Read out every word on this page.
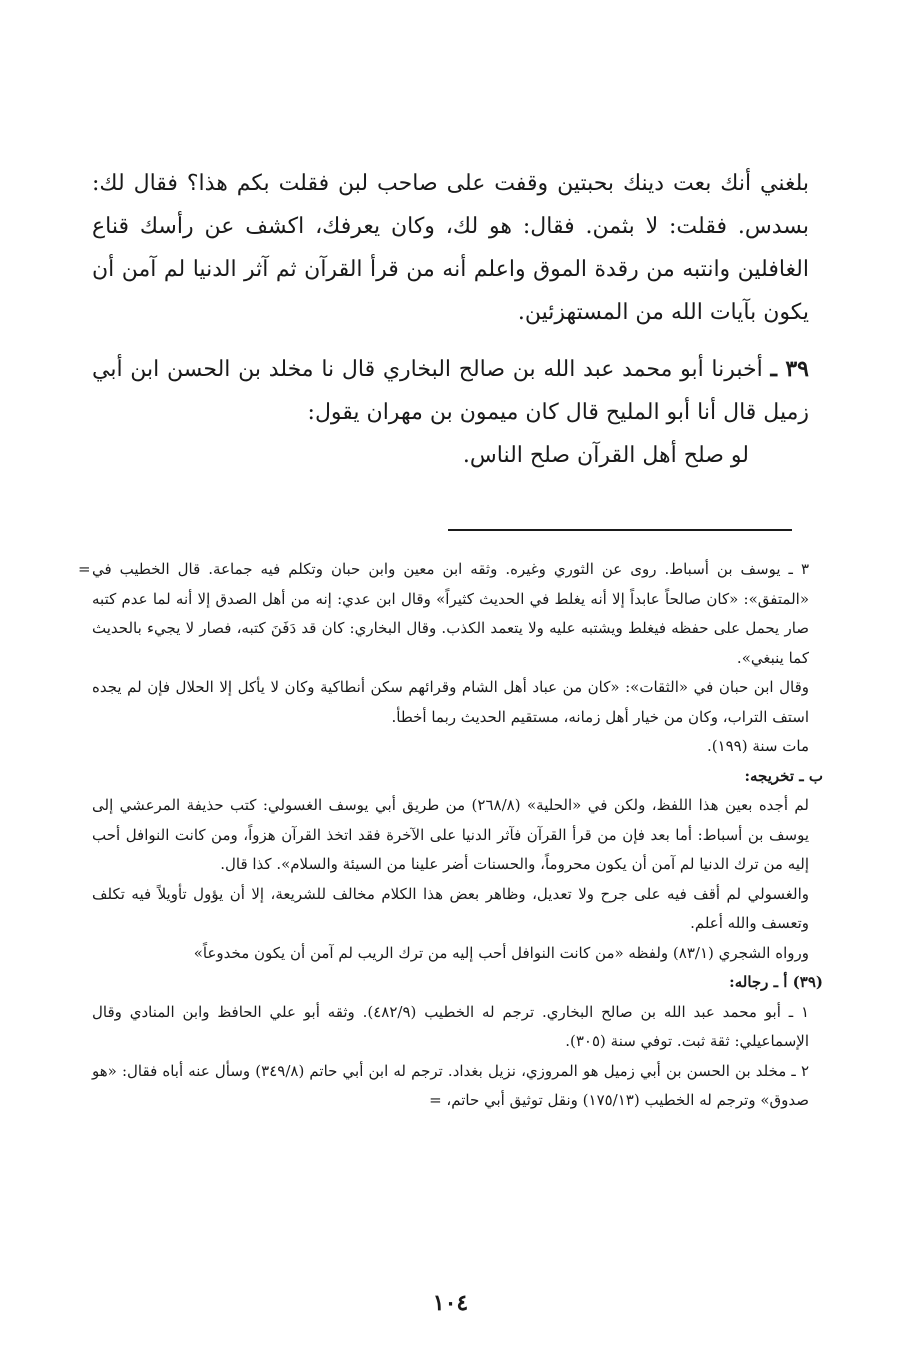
بلغني أنك بعت دينك بحبتين وقفت على صاحب لبن فقلت بكم هذا؟ فقال لك: بسدس. فقلت: لا بثمن. فقال: هو لك، وكان يعرفك، اكشف عن رأسك قناع الغافلين وانتبه من رقدة الموق واعلم أنه من قرأ القرآن ثم آثر الدنيا لم آمن أن يكون بآيات الله من المستهزئين.

٣٩ ـ أخبرنا أبو محمد عبد الله بن صالح البخاري قال نا مخلد بن الحسن ابن أبي زميل قال أنا أبو المليح قال كان ميمون بن مهران يقول:

لو صلح أهل القرآن صلح الناس.

= ٣ ـ يوسف بن أسباط. روى عن الثوري وغيره. وثقه ابن معين وابن حبان وتكلم فيه جماعة. قال الخطيب في «المتفق»: «كان صالحاً عابداً إلا أنه يغلط في الحديث كثيراً» وقال ابن عدي: إنه من أهل الصدق إلا أنه لما عدم كتبه صار يحمل على حفظه فيغلط ويشتبه عليه ولا يتعمد الكذب. وقال البخاري: كان قد دَفَنَ كتبه، فصار لا يجيء بالحديث كما ينبغي».

وقال ابن حبان في «الثقات»: «كان من عباد أهل الشام وقرائهم سكن أنطاكية وكان لا يأكل إلا الحلال فإن لم يجده استف التراب، وكان من خيار أهل زمانه، مستقيم الحديث ربما أخطأ.

مات سنة (١٩٩).

ب ـ تخريجه:

لم أجده بعين هذا اللفظ، ولكن في «الحلية» (٢٦٨/٨) من طريق أبي يوسف الغسولي: كتب حذيفة المرعشي إلى يوسف بن أسباط: أما بعد فإن من قرأ القرآن فآثر الدنيا على الآخرة فقد اتخذ القرآن هزواً، ومن كانت النوافل أحب إليه من ترك الدنيا لم آمن أن يكون محروماً، والحسنات أضر علينا من السيئة والسلام». كذا قال.

والغسولي لم أقف فيه على جرح ولا تعديل، وظاهر بعض هذا الكلام مخالف للشريعة، إلا أن يؤول تأويلاً فيه تكلف وتعسف والله أعلم.

ورواه الشجري (٨٣/١) ولفظه «من كانت النوافل أحب إليه من ترك الريب لم آمن أن يكون مخدوعاً»

(٣٩) أ ـ رجاله:

١ ـ أبو محمد عبد الله بن صالح البخاري. ترجم له الخطيب (٤٨٢/٩). وثقه أبو علي الحافظ وابن المنادي وقال الإسماعيلي: ثقة ثبت. توفي سنة (٣٠٥).

٢ ـ مخلد بن الحسن بن أبي زميل هو المروزي، نزيل بغداد. ترجم له ابن أبي حاتم (٣٤٩/٨) وسأل عنه أباه فقال: «هو صدوق» وترجم له الخطيب (١٧٥/١٣) ونقل توثيق أبي حاتم، =

١٠٤
